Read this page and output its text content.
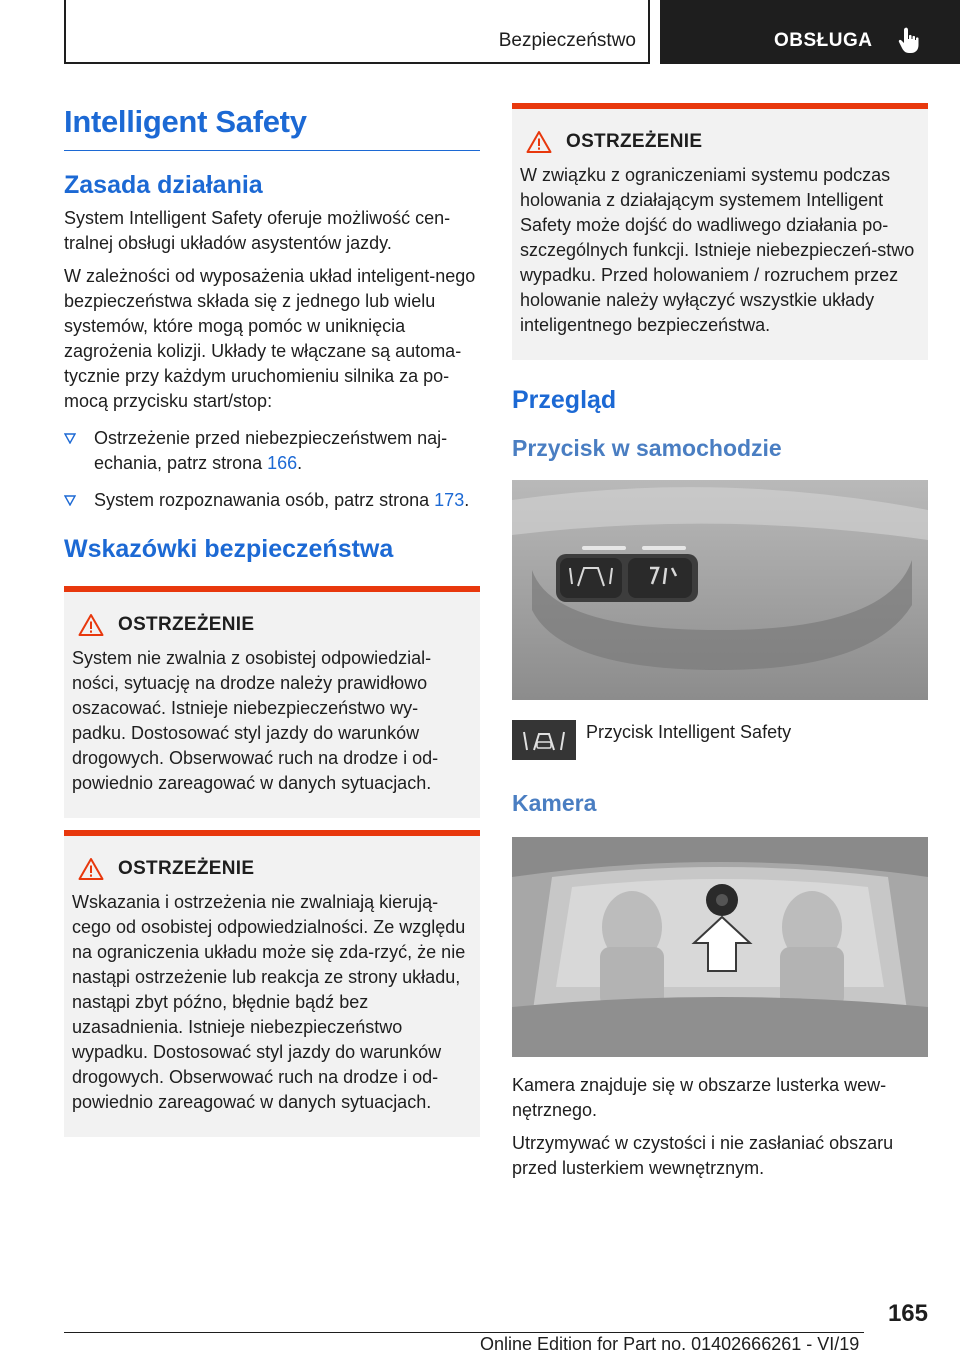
Bezpieczeństwo	OBSŁUGA
Intelligent Safety
Zasada działania

System Intelligent Safety oferuje możliwość cen-tralnej obsługi układów asystentów jazdy.

W zależności od wyposażenia układ inteligent-nego bezpieczeństwa składa się z jednego lub wielu systemów, które mogą pomóc w uniknięcia zagrożenia kolizji. Układy te włączane są automa-tycznie przy każdym uruchomieniu silnika za po-mocą przycisku start/stop:

Ostrzeżenie przed niebezpieczeństwem naj-echania, patrz strona 166.
System rozpoznawania osób, patrz strona 173.
Wskazówki bezpieczeństwa
OSTRZEŻENIE

System nie zwalnia z osobistej odpowiedzial-ności, sytuację na drodze należy prawidłowo oszacować. Istnieje niebezpieczeństwo wy-padku. Dostosować styl jazdy do warunków drogowych. Obserwować ruch na drodze i od-powiednio zareagować w danych sytuacjach.

OSTRZEŻENIE

Wskazania i ostrzeżenia nie zwalniają kierują-cego od osobistej odpowiedzialności. Ze względu na ograniczenia układu może się zda-rzyć, że nie nastąpi ostrzeżenie lub reakcja ze strony układu, nastąpi zbyt późno, błędnie bądź bez uzasadnienia. Istnieje niebezpieczeństwo wypadku. Dostosować styl jazdy do warunków drogowych. Obserwować ruch na drodze i od-powiednio zareagować w danych sytuacjach.

OSTRZEŻENIE

W związku z ograniczeniami systemu podczas holowania z działającym systemem Intelligent Safety może dojść do wadliwego działania po-szczególnych funkcji. Istnieje niebezpieczeń-stwo wypadku. Przed holowaniem / rozruchem przez holowanie należy wyłączyć wszystkie układy inteligentnego bezpieczeństwa.

Przegląd
Przycisk w samochodzie
Przycisk Intelligent Safety
Kamera

Kamera znajduje się w obszarze lusterka wew-nętrznego.

Utrzymywać w czystości i nie zasłaniać obszaru przed lusterkiem wewnętrznym.

165
Online Edition for Part no. 01402666261 - VI/19
